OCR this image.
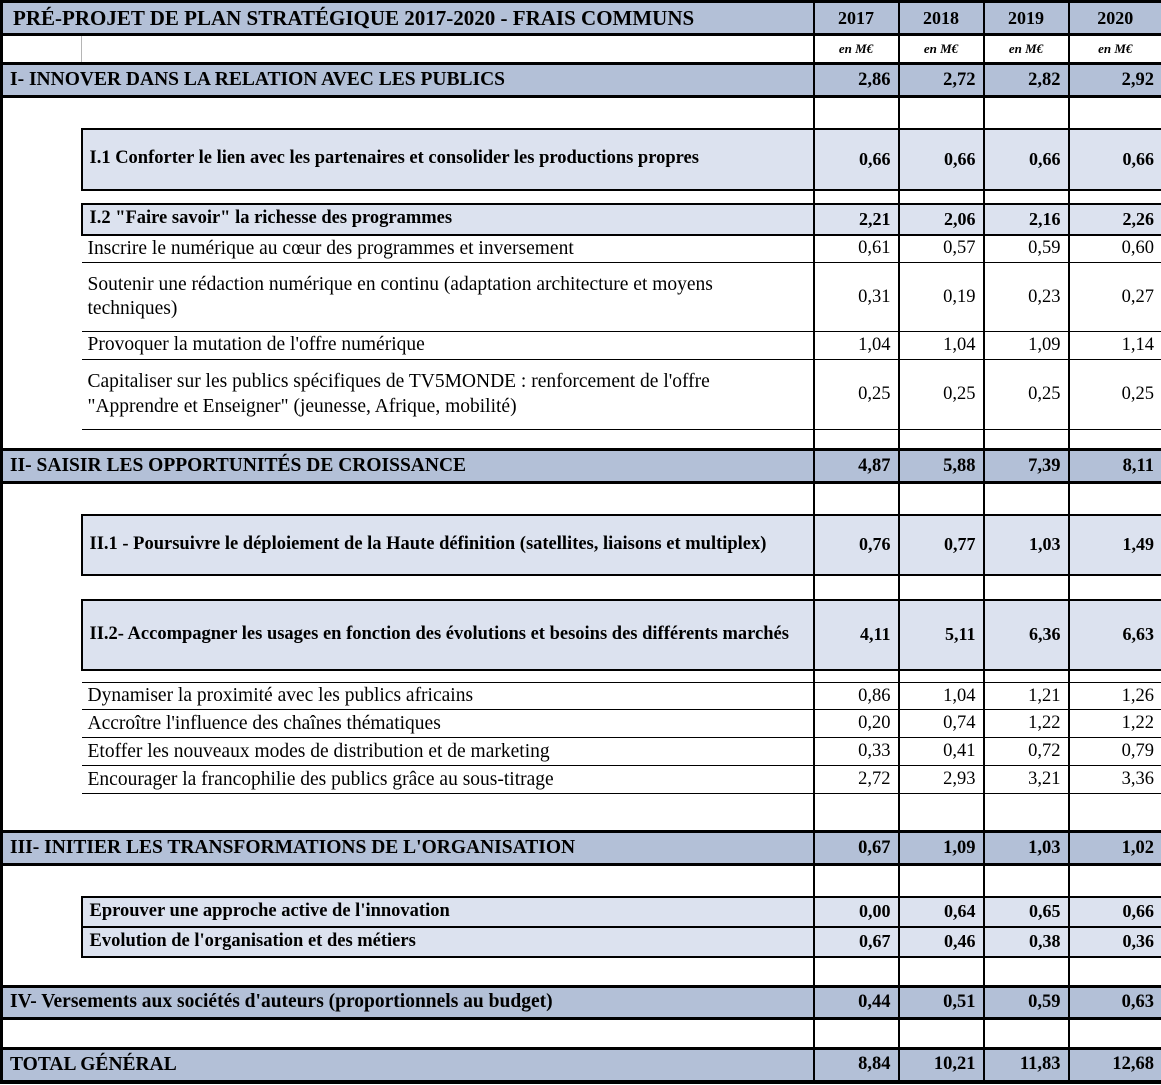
PRÉ-PROJET DE PLAN STRATÉGIQUE 2017-2020 - FRAIS COMMUNS		2017	2018	2019	2020
		en M€	en M€	en M€	en M€
I- INNOVER DANS LA RELATION AVEC LES PUBLICS		2,86	2,72	2,82	2,92

	I.1 Conforter le lien avec les partenaires et consolider les productions propres	0,66	0,66	0,66	0,66

	I.2 "Faire savoir" la richesse des programmes	2,21	2,06	2,16	2,26
	Inscrire le numérique au cœur des programmes et inversement	0,61	0,57	0,59	0,60
	Soutenir une rédaction numérique en continu (adaptation architecture et moyens techniques)	0,31	0,19	0,23	0,27
	Provoquer la mutation de l'offre numérique	1,04	1,04	1,09	1,14
	Capitaliser sur les publics spécifiques de TV5MONDE : renforcement de l'offre "Apprendre et Enseigner" (jeunesse, Afrique, mobilité)	0,25	0,25	0,25	0,25

II- SAISIR LES OPPORTUNITÉS DE CROISSANCE		4,87	5,88	7,39	8,11

	II.1 - Poursuivre le déploiement de la Haute définition (satellites, liaisons et multiplex)	0,76	0,77	1,03	1,49

	II.2- Accompagner les usages en fonction des évolutions et besoins des différents marchés	4,11	5,11	6,36	6,63

	Dynamiser la proximité avec les publics africains	0,86	1,04	1,21	1,26
	Accroître l'influence des chaînes thématiques	0,20	0,74	1,22	1,22
	Etoffer les nouveaux modes de distribution et de marketing	0,33	0,41	0,72	0,79
	Encourager la francophilie des publics grâce au sous-titrage	2,72	2,93	3,21	3,36

III- INITIER LES TRANSFORMATIONS DE L'ORGANISATION		0,67	1,09	1,03	1,02

	Eprouver une approche active de l'innovation	0,00	0,64	0,65	0,66
	Evolution de l'organisation et des métiers	0,67	0,46	0,38	0,36

IV- Versements aux sociétés d'auteurs (proportionnels au budget)		0,44	0,51	0,59	0,63

TOTAL GÉNÉRAL		8,84	10,21	11,83	12,68
